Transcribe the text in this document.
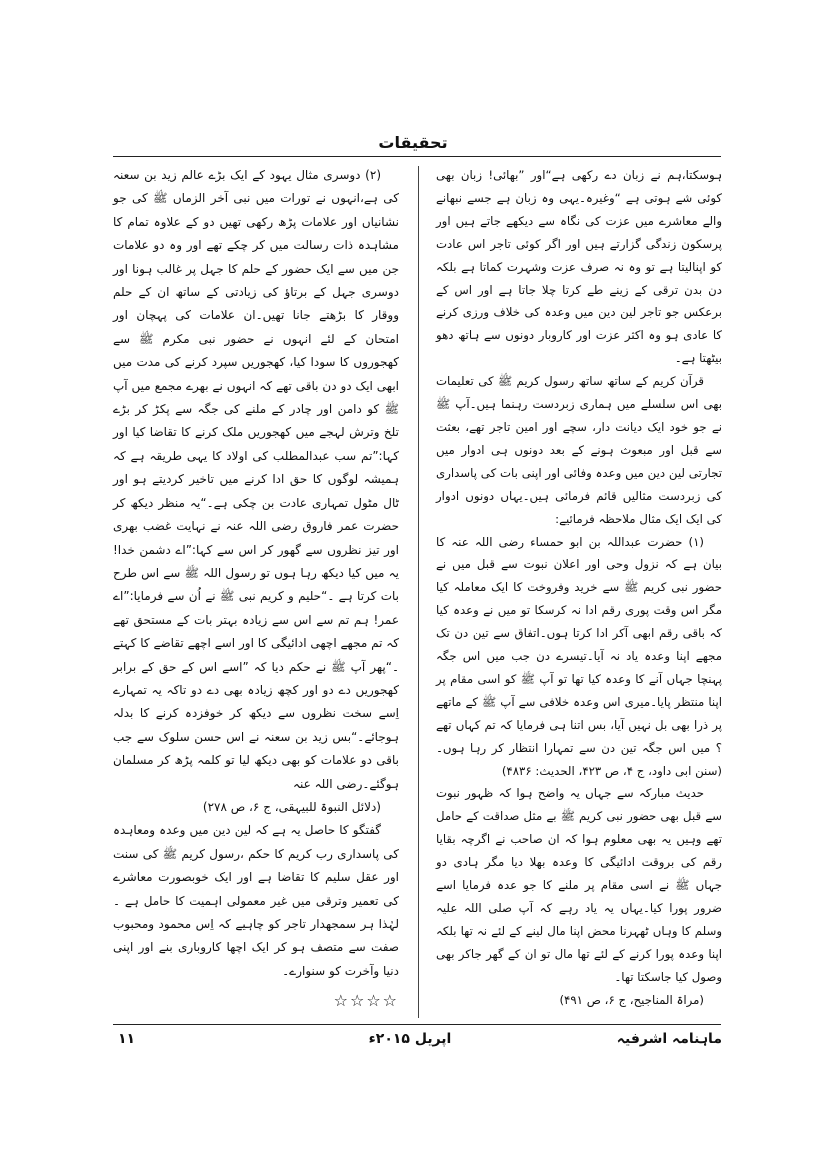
تحقیقات

ہوسکتا،ہم نے زبان دے رکھی ہے“اور ”بھائی! زبان بھی کوئی شے ہوتی ہے “وغیرہ۔یہی وہ زبان ہے جسے نبھانے والے معاشرے میں عزت کی نگاہ سے دیکھے جاتے ہیں اور پرسکون زندگی گزارتے ہیں اور اگر کوئی تاجر اس عادت کو اپنالیتا ہے تو وہ نہ صرف عزت وشہرت کماتا ہے بلکہ دن بدن ترقی کے زینے طے کرتا چلا جاتا ہے اور اس کے برعکس جو تاجر لین دین میں وعدہ کی خلاف ورزی کرنے کا عادی ہو وہ اکثر عزت اور کاروبار دونوں سے ہاتھ دھو بیٹھتا ہے۔

قرآن کریم کے ساتھ ساتھ رسول کریم ﷺ کی تعلیمات بھی اس سلسلے میں ہماری زبردست رہنما ہیں۔آپ ﷺ نے جو خود ایک دیانت دار، سچے اور امین تاجر تھے، بعثت سے قبل اور مبعوث ہونے کے بعد دونوں ہی ادوار میں تجارتی لین دین میں وعدہ وفائی اور اپنی بات کی پاسداری کی زبردست مثالیں قائم فرمائی ہیں۔یہاں دونوں ادوار کی ایک ایک مثال ملاحظہ فرمائیے:

(۱) حضرت عبداللہ بن ابو حمساء رضی اللہ عنہ کا بیان ہے کہ نزول وحی اور اعلان نبوت سے قبل میں نے حضور نبی کریم ﷺ سے خرید وفروخت کا ایک معاملہ کیا مگر اس وقت پوری رقم ادا نہ کرسکا تو میں نے وعدہ کیا کہ باقی رقم ابھی آکر ادا کرتا ہوں۔اتفاق سے تین دن تک مجھے اپنا وعدہ یاد نہ آیا۔تیسرے دن جب میں اس جگہ پہنچا جہاں آنے کا وعدہ کیا تھا تو آپ ﷺ کو اسی مقام پر اپنا منتظر پایا۔میری اس وعدہ خلافی سے آپ ﷺ کے ماتھے پر ذرا بھی بل نہیں آیا، بس اتنا ہی فرمایا کہ تم کہاں تھے ؟ میں اس جگہ تین دن سے تمہارا انتظار کر رہا ہوں۔(سنن ابی داود، ج ۴، ص ۴۲۳، الحدیث: ۴۸۳۶)

حدیث مبارکہ سے جہاں یہ واضح ہوا کہ ظہور نبوت سے قبل بھی حضور نبی کریم ﷺ بے مثل صداقت کے حامل تھے وہیں یہ بھی معلوم ہوا کہ ان صاحب نے اگرچہ بقایا رقم کی بروقت ادائیگی کا وعدہ بھلا دیا مگر ہادی دو جہاں ﷺ نے اسی مقام پر ملنے کا جو عدہ فرمایا اسے ضرور پورا کیا۔یہاں یہ یاد رہے کہ آپ صلی اللہ علیہ وسلم کا وہاں ٹھہرنا محض اپنا مال لینے کے لئے نہ تھا بلکہ اپنا وعدہ پورا کرنے کے لئے تھا مال تو ان کے گھر جاکر بھی وصول کیا جاسکتا تھا۔

(مراۃ المناجیح، ج ۶، ص ۴۹۱)

(۲) دوسری مثال یہود کے ایک بڑے عالم زید بن سعنہ کی ہے،انہوں نے تورات میں نبی آخر الزماں ﷺ کی جو نشانیاں اور علامات پڑھ رکھی تھیں دو کے علاوہ تمام کا مشاہدہ ذات رسالت میں کر چکے تھے اور وہ دو علامات جن میں سے ایک حضور کے حلم کا جہل پر غالب ہونا اور دوسری جہل کے برتاؤ کی زیادتی کے ساتھ ان کے حلم ووقار کا بڑھتے جانا تھیں۔ان علامات کی پہچان اور امتحان کے لئے انہوں نے حضور نبی مکرم ﷺ سے کھجوروں کا سودا کیا، کھجوریں سپرد کرنے کی مدت میں ابھی ایک دو دن باقی تھے کہ انہوں نے بھرے مجمع میں آپ ﷺ کو دامن اور چادر کے ملنے کی جگہ سے پکڑ کر بڑے تلخ وترش لہجے میں کھجوریں ملک کرنے کا تقاضا کیا اور کہا:”تم سب عبدالمطلب کی اولاد کا یہی طریقہ ہے کہ ہمیشہ لوگوں کا حق ادا کرنے میں تاخیر کردیتے ہو اور ٹال مٹول تمہاری عادت بن چکی ہے۔“یہ منظر دیکھ کر حضرت عمر فاروق رضی اللہ عنہ نے نہایت غضب بھری اور تیز نظروں سے گھور کر اس سے کہا:”اے دشمن خدا! یہ میں کیا دیکھ رہا ہوں تو رسول اللہ ﷺ سے اس طرح بات کرتا ہے ۔“حلیم و کریم نبی ﷺ نے اُن سے فرمایا:”اے عمر! ہم تم سے اس سے زیادہ بہتر بات کے مستحق تھے کہ تم مجھے اچھی ادائیگی کا اور اسے اچھے تقاضے کا کہتے ۔“پھر آپ ﷺ نے حکم دیا کہ ”اسے اس کے حق کے برابر کھجوریں دے دو اور کچھ زیادہ بھی دے دو تاکہ یہ تمہارے اِسے سخت نظروں سے دیکھ کر خوفزدہ کرنے کا بدلہ ہوجائے۔“بس زید بن سعنہ نے اس حسن سلوک سے جب باقی دو علامات کو بھی دیکھ لیا تو کلمہ پڑھ کر مسلمان ہوگئے۔رضی اللہ عنہ

(دلائل النبوۃ للبیہقی، ج ۶، ص ۲۷۸)

گفتگو کا حاصل یہ ہے کہ لین دین میں وعدہ ومعاہدہ کی پاسداری رب کریم کا حکم ،رسول کریم ﷺ کی سنت اور عقل سلیم کا تقاضا ہے اور ایک خوبصورت معاشرے کی تعمیر وترقی میں غیر معمولی اہمیت کا حامل ہے ۔ لہٰذا ہر سمجھدار تاجر کو چاہیے کہ اِس محمود ومحبوب صفت سے متصف ہو کر ایک اچھا کاروباری بنے اور اپنی دنیا وآخرت کو سنوارے۔

☆☆☆☆
ماہنامہ اشرفیہ
اپریل ۲۰۱۵ء
۱۱
